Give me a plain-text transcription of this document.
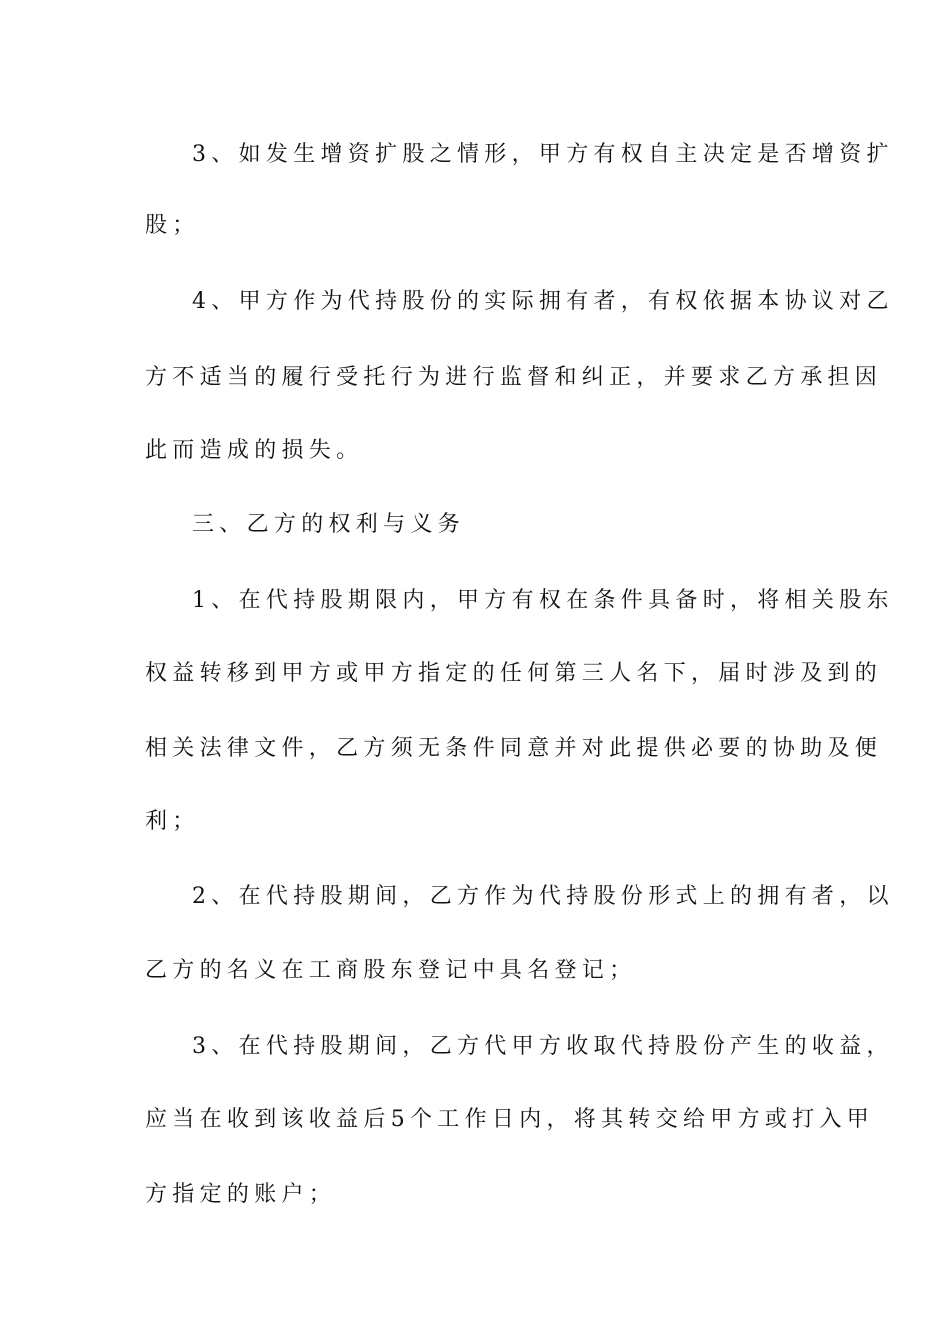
3、如发生增资扩股之情形，甲方有权自主决定是否增资扩
股；
4、甲方作为代持股份的实际拥有者，有权依据本协议对乙
方不适当的履行受托行为进行监督和纠正，并要求乙方承担因
此而造成的损失。
三、乙方的权利与义务
1、在代持股期限内，甲方有权在条件具备时，将相关股东
权益转移到甲方或甲方指定的任何第三人名下，届时涉及到的
相关法律文件，乙方须无条件同意并对此提供必要的协助及便
利；
2、在代持股期间，乙方作为代持股份形式上的拥有者，以
乙方的名义在工商股东登记中具名登记；
3、在代持股期间，乙方代甲方收取代持股份产生的收益，
应当在收到该收益后5个工作日内，将其转交给甲方或打入甲
方指定的账户；
